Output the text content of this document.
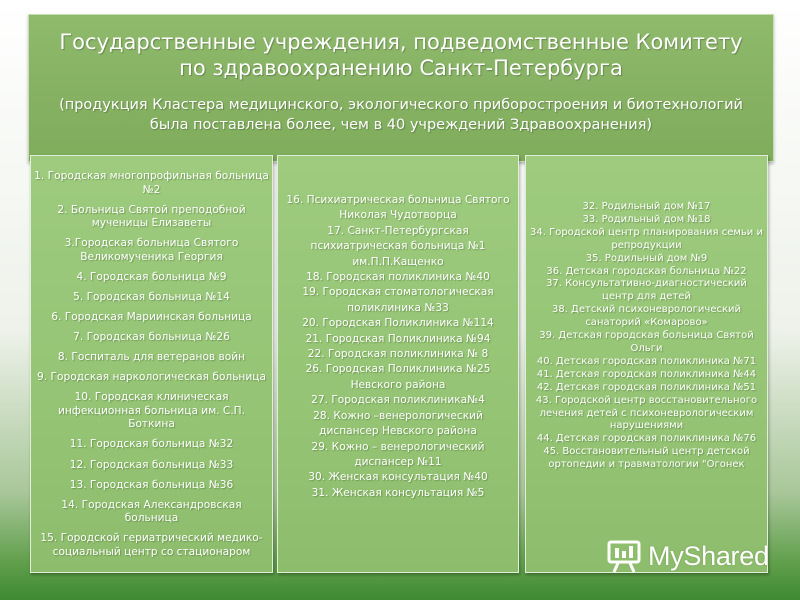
Государственные учреждения, подведомственные Комитету по здравоохранению Санкт-Петербурга
(продукция Кластера медицинского, экологического приборостроения и биотехнологий была поставлена более, чем в 40 учреждений Здравоохранения)
1. Городская многопрофильная больница №2
2. Больница Святой преподобной мученицы Елизаветы
3.Городская больница Святого Великомученика Георгия
4. Городская больница №9
5. Городская больница №14
6. Городская Мариинская больница
7. Городская больница №26
8. Госпиталь для ветеранов войн
9. Городская наркологическая больница
10. Городская клиническая инфекционная больница им. С.П. Боткина
11. Городская больница №32
12. Городская больница №33
13. Городская больница №36
14. Городская Александровская больница
15. Городской гериатрический медико-социальный центр со стационаром
16. Психиатрическая больница Святого Николая Чудотворца
17. Санкт-Петербургская психиатрическая больница №1 им.П.П.Кащенко
18. Городская поликлиника №40
19. Городская стоматологическая поликлиника №33
20. Городская Поликлиника №114
21. Городская Поликлиника №94
22. Городская поликлиника № 8
26. Городская Поликлиника №25 Невского района
27. Городская поликлиника№4
28. Кожно –венерологический диспансер Невского района
29. Кожно – венерологический диспансер №11
30. Женская консультация №40
31. Женская консультация №5
32. Родильный дом №17
33. Родильный дом №18
34. Городской центр планирования семьи и репродукции
35. Родильный дом №9
36. Детская городская больница №22
37. Консультативно-диагностический центр для детей
38. Детский психоневрологический санаторий «Комарово»
39. Детская городская больница Святой Ольги
40. Детская городская поликлиника №71
41. Детская городская поликлиника №44
42. Детская городская поликлиника №51
43. Городской центр восстановительного лечения детей с психоневрологическим нарушениями
44. Детская городская поликлиника №76
45. Восстановительный центр детской ортопедии и травматологии "Огонек
MyShared
